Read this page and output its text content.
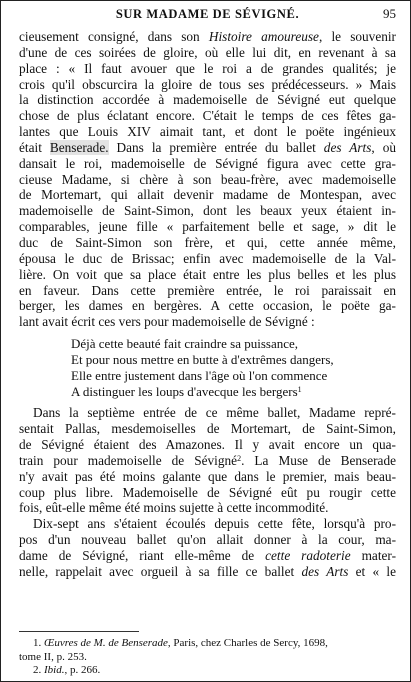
SUR MADAME DE SÉVIGNÉ.	95
cieusement consigné, dans son Histoire amoureuse, le souvenir
d'une de ces soirées de gloire, où elle lui dit, en revenant à sa
place : « Il faut avouer que le roi a de grandes qualités; je
crois qu'il obscurcira la gloire de tous ses prédécesseurs. » Mais
la distinction accordée à mademoiselle de Sévigné eut quelque
chose de plus éclatant encore. C'était le temps de ces fêtes ga-
lantes que Louis XIV aimait tant, et dont le poëte ingénieux
était Benserade. Dans la première entrée du ballet des Arts, où
dansait le roi, mademoiselle de Sévigné figura avec cette gra-
cieuse Madame, si chère à son beau-frère, avec mademoiselle
de Mortemart, qui allait devenir madame de Montespan, avec
mademoiselle de Saint-Simon, dont les beaux yeux étaient in-
comparables, jeune fille « parfaitement belle et sage, » dit le
duc de Saint-Simon son frère, et qui, cette année même,
épousa le duc de Brissac; enfin avec mademoiselle de la Val-
lière. On voit que sa place était entre les plus belles et les plus
en faveur. Dans cette première entrée, le roi paraissait en
berger, les dames en bergères. A cette occasion, le poëte ga-
lant avait écrit ces vers pour mademoiselle de Sévigné :
Déjà cette beauté fait craindre sa puissance,
Et pour nous mettre en butte à d'extrêmes dangers,
Elle entre justement dans l'âge où l'on commence
A distinguer les loups d'avecque les bergers$^1$
Dans la septième entrée de ce même ballet, Madame repré-
sentait Pallas, mesdemoiselles de Mortemart, de Saint-Simon,
de Sévigné étaient des Amazones. Il y avait encore un qua-
train pour mademoiselle de Sévigné$^2$. La Muse de Benserade
n'y avait pas été moins galante que dans le premier, mais beau-
coup plus libre. Mademoiselle de Sévigné eût pu rougir cette
fois, eût-elle même été moins sujette à cette incommodité.
Dix-sept ans s'étaient écoulés depuis cette fête, lorsqu'à pro-
pos d'un nouveau ballet qu'on allait donner à la cour, ma-
dame de Sévigné, riant elle-même de cette radoterie mater-
nelle, rappelait avec orgueil à sa fille ce ballet des Arts et « le
1. Œuvres de M. de Benserade, Paris, chez Charles de Sercy, 1698,
tome II, p. 253.
2. Ibid., p. 266.
